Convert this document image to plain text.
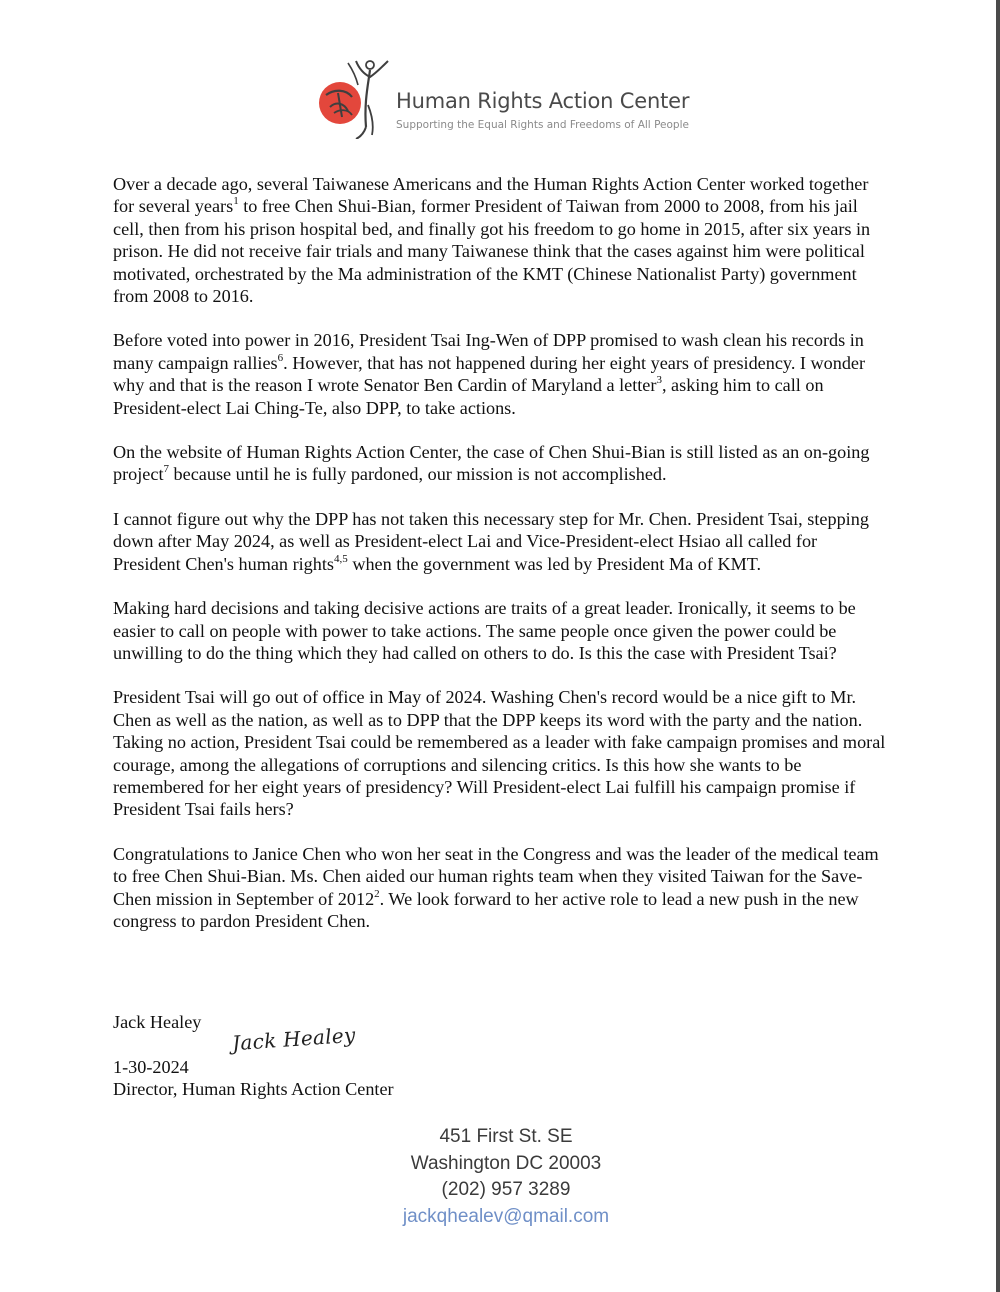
Human Rights Action Center
Supporting the Equal Rights and Freedoms of All People

Over a decade ago, several Taiwanese Americans and the Human Rights Action Center worked together for several years$^1$ to free Chen Shui-Bian, former President of Taiwan from 2000 to 2008, from his jail cell, then from his prison hospital bed, and finally got his freedom to go home in 2015, after six years in prison. He did not receive fair trials and many Taiwanese think that the cases against him were political motivated, orchestrated by the Ma administration of the KMT (Chinese Nationalist Party) government from 2008 to 2016.

Before voted into power in 2016, President Tsai Ing-Wen of DPP promised to wash clean his records in many campaign rallies$^6$. However, that has not happened during her eight years of presidency. I wonder why and that is the reason I wrote Senator Ben Cardin of Maryland a letter$^3$, asking him to call on President-elect Lai Ching-Te, also DPP, to take actions.

On the website of Human Rights Action Center, the case of Chen Shui-Bian is still listed as an on-going project$^7$ because until he is fully pardoned, our mission is not accomplished.

I cannot figure out why the DPP has not taken this necessary step for Mr. Chen. President Tsai, stepping down after May 2024, as well as President-elect Lai and Vice-President-elect Hsiao all called for President Chen's human rights$^{4,5}$ when the government was led by President Ma of KMT.

Making hard decisions and taking decisive actions are traits of a great leader. Ironically, it seems to be easier to call on people with power to take actions. The same people once given the power could be unwilling to do the thing which they had called on others to do. Is this the case with President Tsai?

President Tsai will go out of office in May of 2024. Washing Chen's record would be a nice gift to Mr. Chen as well as the nation, as well as to DPP that the DPP keeps its word with the party and the nation. Taking no action, President Tsai could be remembered as a leader with fake campaign promises and moral courage, among the allegations of corruptions and silencing critics. Is this how she wants to be remembered for her eight years of presidency? Will President-elect Lai fulfill his campaign promise if President Tsai fails hers?

Congratulations to Janice Chen who won her seat in the Congress and was the leader of the medical team to free Chen Shui-Bian. Ms. Chen aided our human rights team when they visited Taiwan for the Save-Chen mission in September of 2012$^2$. We look forward to her active role to lead a new push in the new congress to pardon President Chen.

Jack Healey
Jack Healey
1-30-2024
Director, Human Rights Action Center
451 First St. SE
Washington DC 20003
(202) 957 3289
jackqhealev@qmail.com
